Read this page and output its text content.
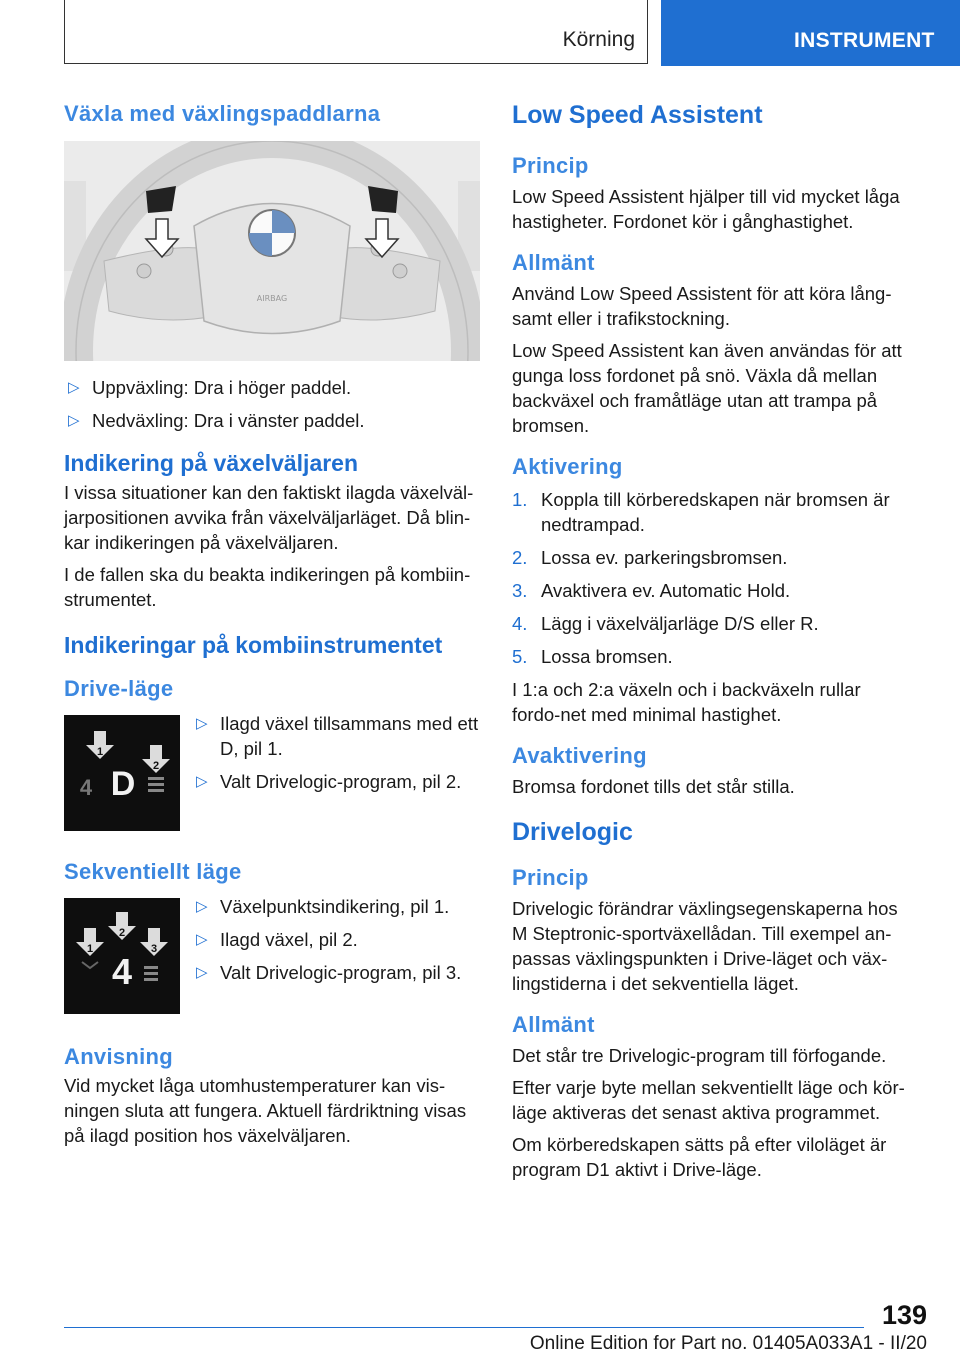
Körning	INSTRUMENT
Växla med växlingspaddlarna
AIRBAG
▷ Uppväxling: Dra i höger paddel.
▷ Nedväxling: Dra i vänster paddel.
Indikering på växelväljaren

I vissa situationer kan den faktiskt ilagda växelväl-jarpositionen avvika från växelväljarläget. Då blin-kar indikeringen på växelväljaren.

I de fallen ska du beakta indikeringen på kombiin-strumentet.

Indikeringar på kombiinstrumentet
Drive-läge
1
2
4 D
▷ Ilagd växel tillsammans med ett D, pil 1.
▷ Valt Drivelogic-program, pil 2.
Sekventiellt läge
1
2
3
4
▷ Växelpunktsindikering, pil 1.
▷ Ilagd växel, pil 2.
▷ Valt Drivelogic-program, pil 3.
Anvisning

Vid mycket låga utomhustemperaturer kan vis-ningen sluta att fungera. Aktuell färdriktning visas på ilagd position hos växelväljaren.

Low Speed Assistent
Princip

Low Speed Assistent hjälper till vid mycket låga hastigheter. Fordonet kör i gånghastighet.

Allmänt

Använd Low Speed Assistent för att köra lång-samt eller i trafikstockning.

Low Speed Assistent kan även användas för att gunga loss fordonet på snö. Växla då mellan backväxel och framåtläge utan att trampa på bromsen.

Aktivering
1. Koppla till körberedskapen när bromsen är nedtrampad.
2. Lossa ev. parkeringsbromsen.
3. Avaktivera ev. Automatic Hold.
4. Lägg i växelväljarläge D/S eller R.
5. Lossa bromsen.

I 1:a och 2:a växeln och i backväxeln rullar fordo-net med minimal hastighet.

Avaktivering

Bromsa fordonet tills det står stilla.

Drivelogic
Princip

Drivelogic förändrar växlingsegenskaperna hos M Steptronic-sportväxellådan. Till exempel an-passas växlingspunkten i Drive-läget och väx-lingstiderna i det sekventiella läget.

Allmänt

Det står tre Drivelogic-program till förfogande.

Efter varje byte mellan sekventiellt läge och kör-läge aktiveras det senast aktiva programmet.

Om körberedskapen sätts på efter viloläget är program D1 aktivt i Drive-läge.

139
Online Edition for Part no. 01405A033A1 - II/20
